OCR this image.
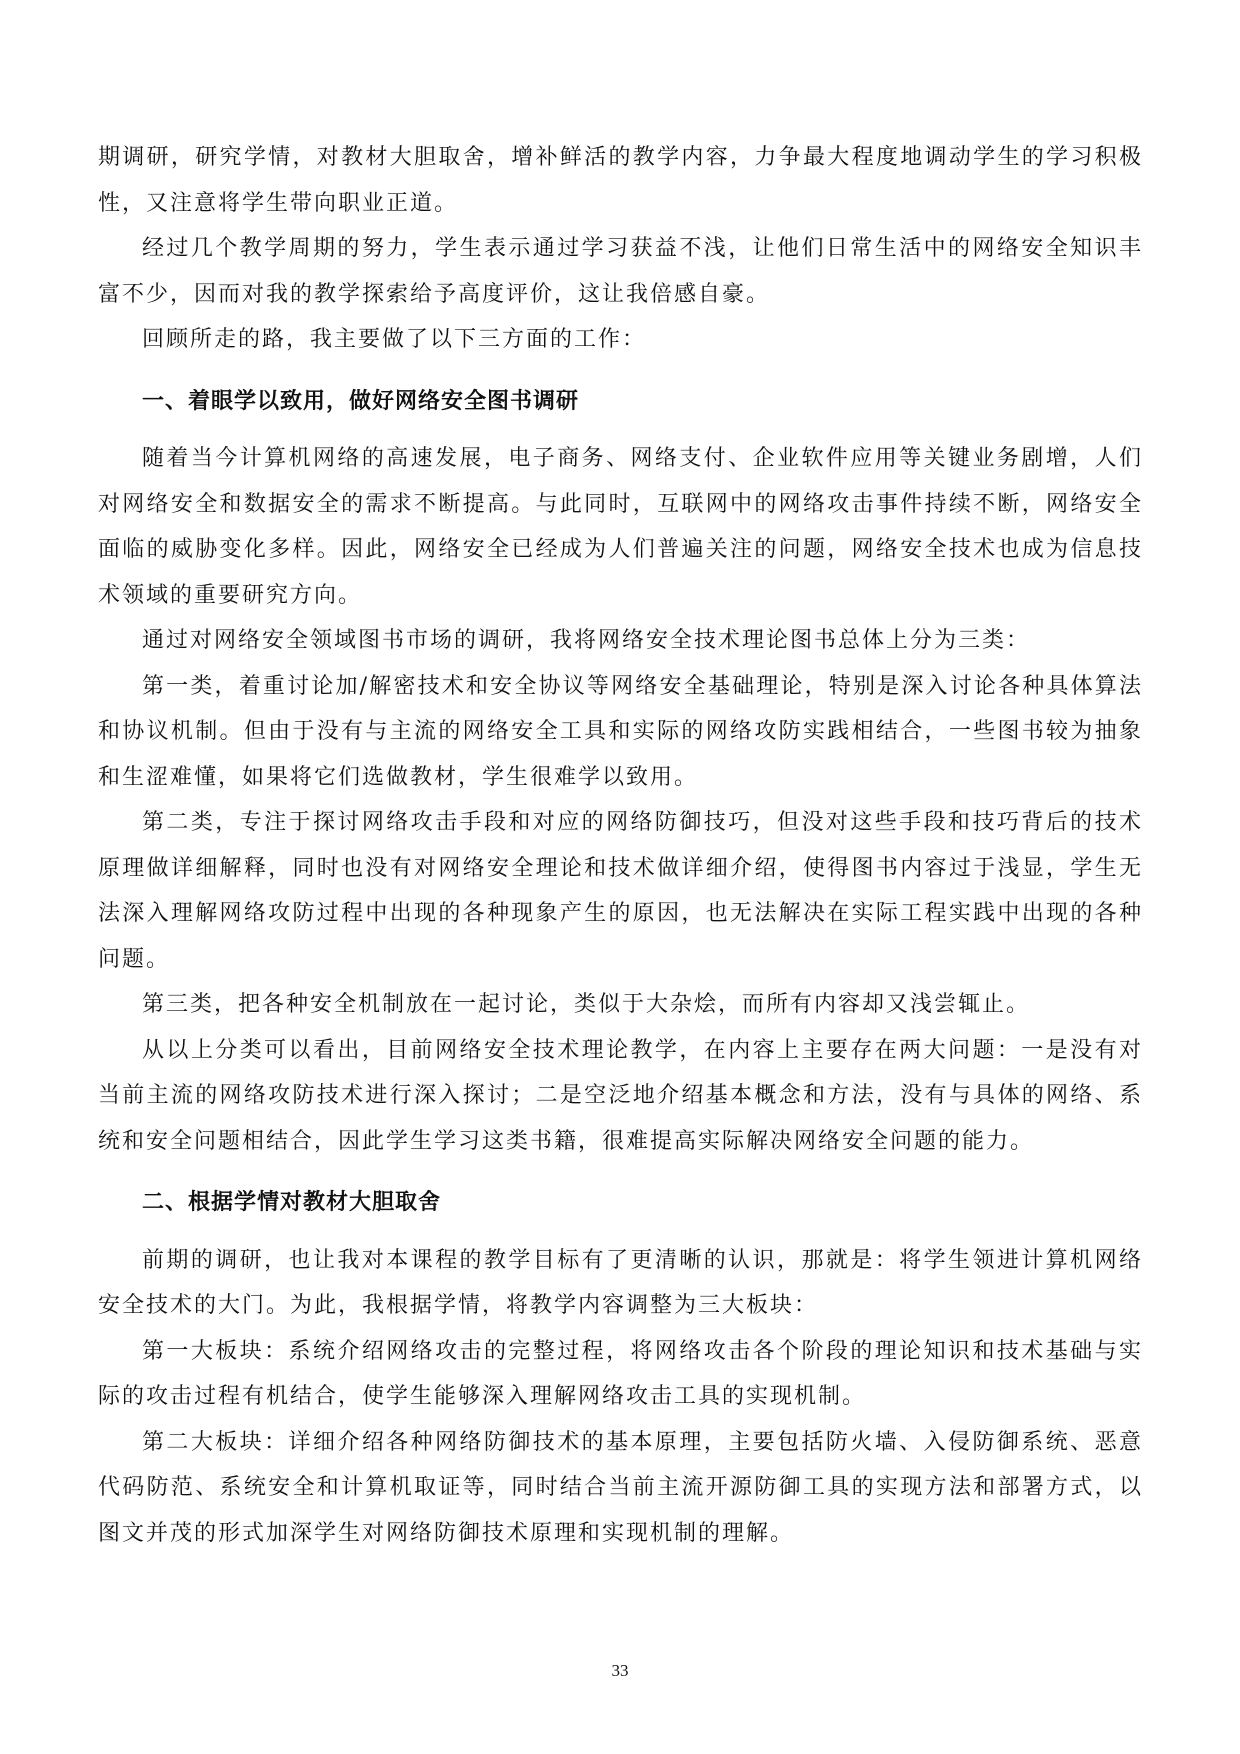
期调研，研究学情，对教材大胆取舍，增补鲜活的教学内容，力争最大程度地调动学生的学习积极性，又注意将学生带向职业正道。

经过几个教学周期的努力，学生表示通过学习获益不浅，让他们日常生活中的网络安全知识丰富不少，因而对我的教学探索给予高度评价，这让我倍感自豪。

回顾所走的路，我主要做了以下三方面的工作：

一、着眼学以致用，做好网络安全图书调研

随着当今计算机网络的高速发展，电子商务、网络支付、企业软件应用等关键业务剧增，人们对网络安全和数据安全的需求不断提高。与此同时，互联网中的网络攻击事件持续不断，网络安全面临的威胁变化多样。因此，网络安全已经成为人们普遍关注的问题，网络安全技术也成为信息技术领域的重要研究方向。

通过对网络安全领域图书市场的调研，我将网络安全技术理论图书总体上分为三类：

第一类，着重讨论加/解密技术和安全协议等网络安全基础理论，特别是深入讨论各种具体算法和协议机制。但由于没有与主流的网络安全工具和实际的网络攻防实践相结合，一些图书较为抽象和生涩难懂，如果将它们选做教材，学生很难学以致用。

第二类，专注于探讨网络攻击手段和对应的网络防御技巧，但没对这些手段和技巧背后的技术原理做详细解释，同时也没有对网络安全理论和技术做详细介绍，使得图书内容过于浅显，学生无法深入理解网络攻防过程中出现的各种现象产生的原因，也无法解决在实际工程实践中出现的各种问题。

第三类，把各种安全机制放在一起讨论，类似于大杂烩，而所有内容却又浅尝辄止。

从以上分类可以看出，目前网络安全技术理论教学，在内容上主要存在两大问题：一是没有对当前主流的网络攻防技术进行深入探讨；二是空泛地介绍基本概念和方法，没有与具体的网络、系统和安全问题相结合，因此学生学习这类书籍，很难提高实际解决网络安全问题的能力。

二、根据学情对教材大胆取舍

前期的调研，也让我对本课程的教学目标有了更清晰的认识，那就是：将学生领进计算机网络安全技术的大门。为此，我根据学情，将教学内容调整为三大板块：

第一大板块：系统介绍网络攻击的完整过程，将网络攻击各个阶段的理论知识和技术基础与实际的攻击过程有机结合，使学生能够深入理解网络攻击工具的实现机制。

第二大板块：详细介绍各种网络防御技术的基本原理，主要包括防火墙、入侵防御系统、恶意代码防范、系统安全和计算机取证等，同时结合当前主流开源防御工具的实现方法和部署方式，以图文并茂的形式加深学生对网络防御技术原理和实现机制的理解。

33
